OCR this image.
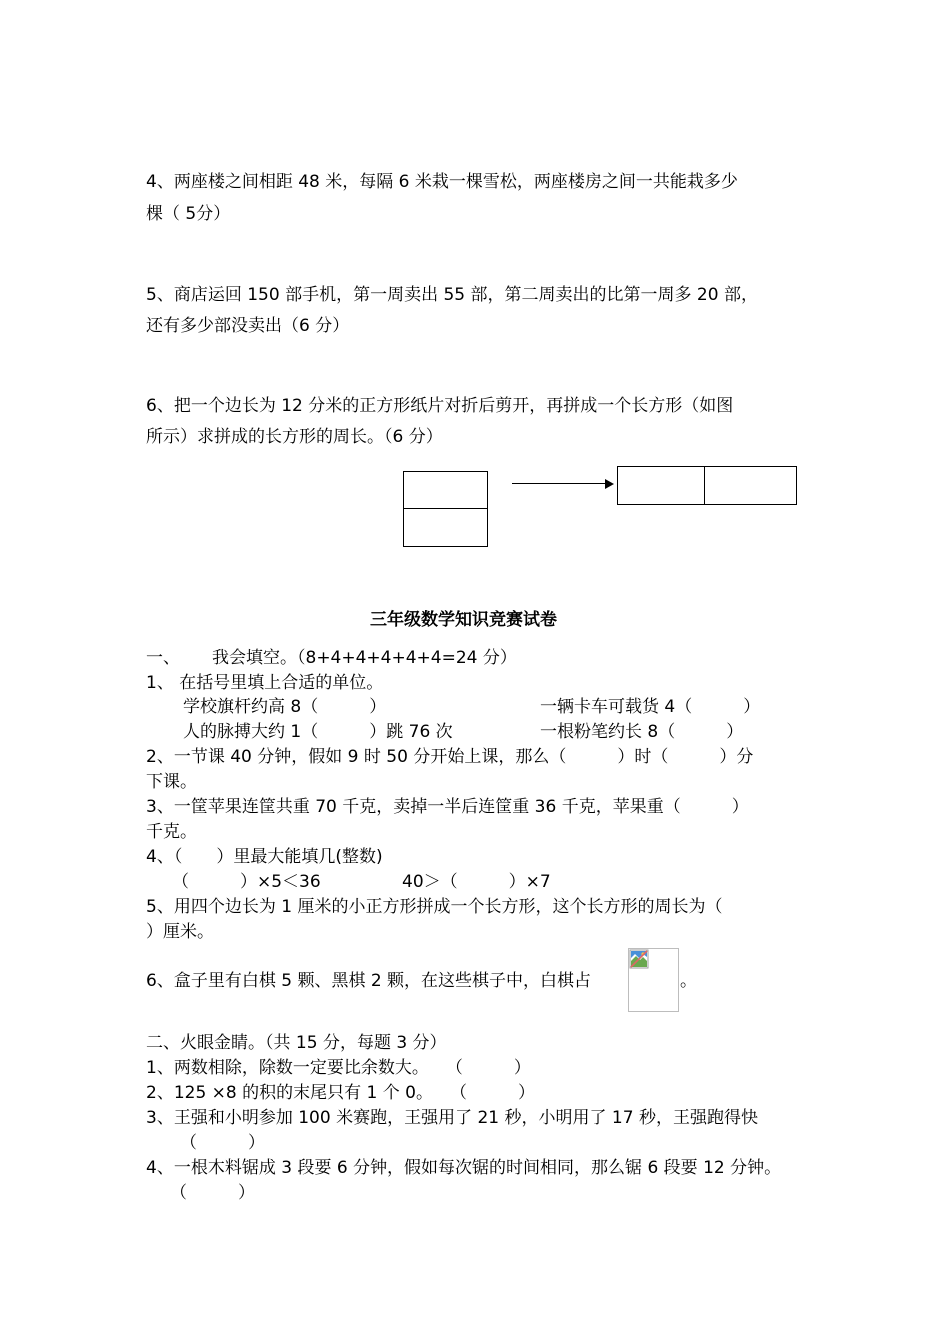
4、两座楼之间相距 48 米，每隔 6 米栽一棵雪松，两座楼房之间一共能栽多少
棵（ 5分）
5、商店运回 150 部手机，第一周卖出 55 部，第二周卖出的比第一周多 20 部，
还有多少部没卖出（6 分）
6、把一个边长为 12 分米的正方形纸片对折后剪开，再拼成一个长方形（如图
所示）求拼成的长方形的周长。（6 分）
三年级数学知识竞赛试卷
一、 我会填空。（8+4+4+4+4+4=24 分）
1、 在括号里填上合适的单位。
学校旗杆约高 8（　　　）	一辆卡车可载货 4（　　　）
人的脉搏大约 1（　　　）跳 76 次	一根粉笔约长 8（　　　）
2、一节课 40 分钟，假如 9 时 50 分开始上课，那么（　　　）时（　　　）分
下课。
3、一筐苹果连筐共重 70 千克，卖掉一半后连筐重 36 千克，苹果重（　　　）
千克。
4、（　　）里最大能填几(整数)
（　　　）×5＜36	40＞（　　　）×7
5、用四个边长为 1 厘米的小正方形拼成一个长方形，这个长方形的周长为（
）厘米。
6、盒子里有白棋 5 颗、黑棋 2 颗，在这些棋子中，白棋占	。
二、火眼金睛。（共 15 分，每题 3 分）
1、两数相除，除数一定要比余数大。　　（　　　）
2、125 ×8 的积的末尾只有 1 个 0。　　（　　　）
3、王强和小明参加 100 米赛跑，王强用了 21 秒，小明用了 17 秒，王强跑得快
（　　　）
4、一根木料锯成 3 段要 6 分钟，假如每次锯的时间相同，那么锯 6 段要 12 分钟。
（　　　）
